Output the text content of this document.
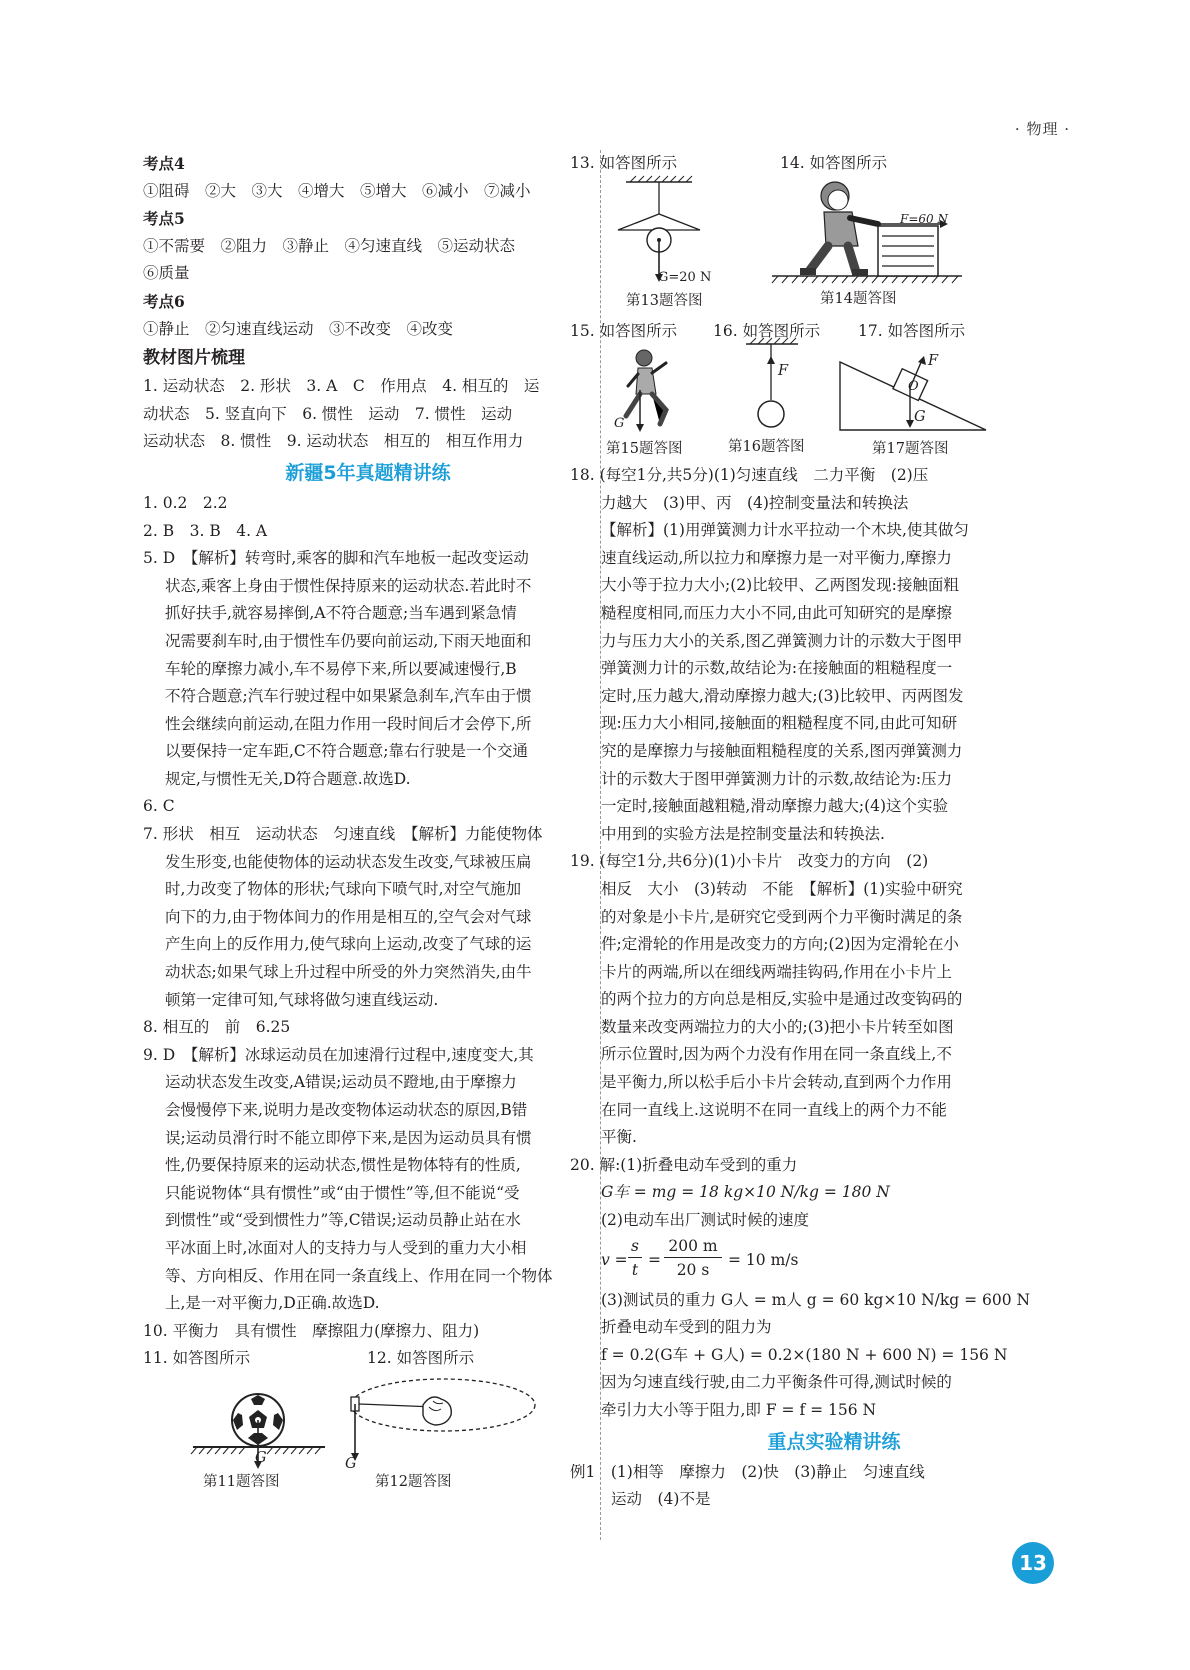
· 物理 ·
考点4
①阻碍　②大　③大　④增大　⑤增大　⑥减小　⑦减小
考点5
①不需要　②阻力　③静止　④匀速直线　⑤运动状态
⑥质量
考点6
①静止　②匀速直线运动　③不改变　④改变
教材图片梳理
1. 运动状态　2. 形状　3. A　C　作用点　4. 相互的　运
动状态　5. 竖直向下　6. 惯性　运动　7. 惯性　运动
运动状态　8. 惯性　9. 运动状态　相互的　相互作用力
新疆5年真题精讲练
1. 0.2　2.2
2. B　3. B　4. A
5. D　【解析】转弯时,乘客的脚和汽车地板一起改变运动
状态,乘客上身由于惯性保持原来的运动状态.若此时不
抓好扶手,就容易摔倒,A不符合题意;当车遇到紧急情
况需要刹车时,由于惯性车仍要向前运动,下雨天地面和
车轮的摩擦力减小,车不易停下来,所以要减速慢行,B
不符合题意;汽车行驶过程中如果紧急刹车,汽车由于惯
性会继续向前运动,在阻力作用一段时间后才会停下,所
以要保持一定车距,C不符合题意;靠右行驶是一个交通
规定,与惯性无关,D符合题意.故选D.
6. C
7. 形状　相互　运动状态　匀速直线　【解析】力能使物体
发生形变,也能使物体的运动状态发生改变,气球被压扁
时,力改变了物体的形状;气球向下喷气时,对空气施加
向下的力,由于物体间力的作用是相互的,空气会对气球
产生向上的反作用力,使气球向上运动,改变了气球的运
动状态;如果气球上升过程中所受的外力突然消失,由牛
顿第一定律可知,气球将做匀速直线运动.
8. 相互的　前　6.25
9. D　【解析】冰球运动员在加速滑行过程中,速度变大,其
运动状态发生改变,A错误;运动员不蹬地,由于摩擦力
会慢慢停下来,说明力是改变物体运动状态的原因,B错
误;运动员滑行时不能立即停下来,是因为运动员具有惯
性,仍要保持原来的运动状态,惯性是物体特有的性质,
只能说物体“具有惯性”或“由于惯性”等,但不能说“受
到惯性”或“受到惯性力”等,C错误;运动员静止站在水
平冰面上时,冰面对人的支持力与人受到的重力大小相
等、方向相反、作用在同一条直线上、作用在同一个物体
上,是一对平衡力,D正确.故选D.
10. 平衡力　具有惯性　摩擦阻力(摩擦力、阻力)
11. 如答图所示	12. 如答图所示
G	G
第11题答图	第12题答图
13. 如答图所示	14. 如答图所示
G=20 N
F=60 N
第13题答图	第14题答图
15. 如答图所示 16. 如答图所示 17. 如答图所示
G
F
F
O
G
第15题答图	第16题答图	第17题答图
18. (每空1分,共5分)(1)匀速直线　二力平衡　(2)压
力越大　(3)甲、丙　(4)控制变量法和转换法
【解析】(1)用弹簧测力计水平拉动一个木块,使其做匀
速直线运动,所以拉力和摩擦力是一对平衡力,摩擦力
大小等于拉力大小;(2)比较甲、乙两图发现:接触面粗
糙程度相同,而压力大小不同,由此可知研究的是摩擦
力与压力大小的关系,图乙弹簧测力计的示数大于图甲
弹簧测力计的示数,故结论为:在接触面的粗糙程度一
定时,压力越大,滑动摩擦力越大;(3)比较甲、丙两图发
现:压力大小相同,接触面的粗糙程度不同,由此可知研
究的是摩擦力与接触面粗糙程度的关系,图丙弹簧测力
计的示数大于图甲弹簧测力计的示数,故结论为:压力
一定时,接触面越粗糙,滑动摩擦力越大;(4)这个实验
中用到的实验方法是控制变量法和转换法.
19. (每空1分,共6分)(1)小卡片　改变力的方向　(2)
相反　大小　(3)转动　不能　【解析】(1)实验中研究
的对象是小卡片,是研究它受到两个力平衡时满足的条
件;定滑轮的作用是改变力的方向;(2)因为定滑轮在小
卡片的两端,所以在细线两端挂钩码,作用在小卡片上
的两个拉力的方向总是相反,实验中是通过改变钩码的
数量来改变两端拉力的大小的;(3)把小卡片转至如图
所示位置时,因为两个力没有作用在同一条直线上,不
是平衡力,所以松手后小卡片会转动,直到两个力作用
在同一直线上.这说明不在同一直线上的两个力不能
平衡.
20. 解:(1)折叠电动车受到的重力
G车 = mg = 18 kg×10 N/kg = 180 N
(2)电动车出厂测试时候的速度
v =
s
t
=
200 m
20 s
= 10 m/s
(3)测试员的重力 G人 = m人 g = 60 kg×10 N/kg = 600 N
折叠电动车受到的阻力为
f = 0.2(G车 + G人) = 0.2×(180 N + 600 N) = 156 N
因为匀速直线行驶,由二力平衡条件可得,测试时候的
牵引力大小等于阻力,即 F = f = 156 N
重点实验精讲练
例1　(1)相等　摩擦力　(2)快　(3)静止　匀速直线
运动　(4)不是
13
